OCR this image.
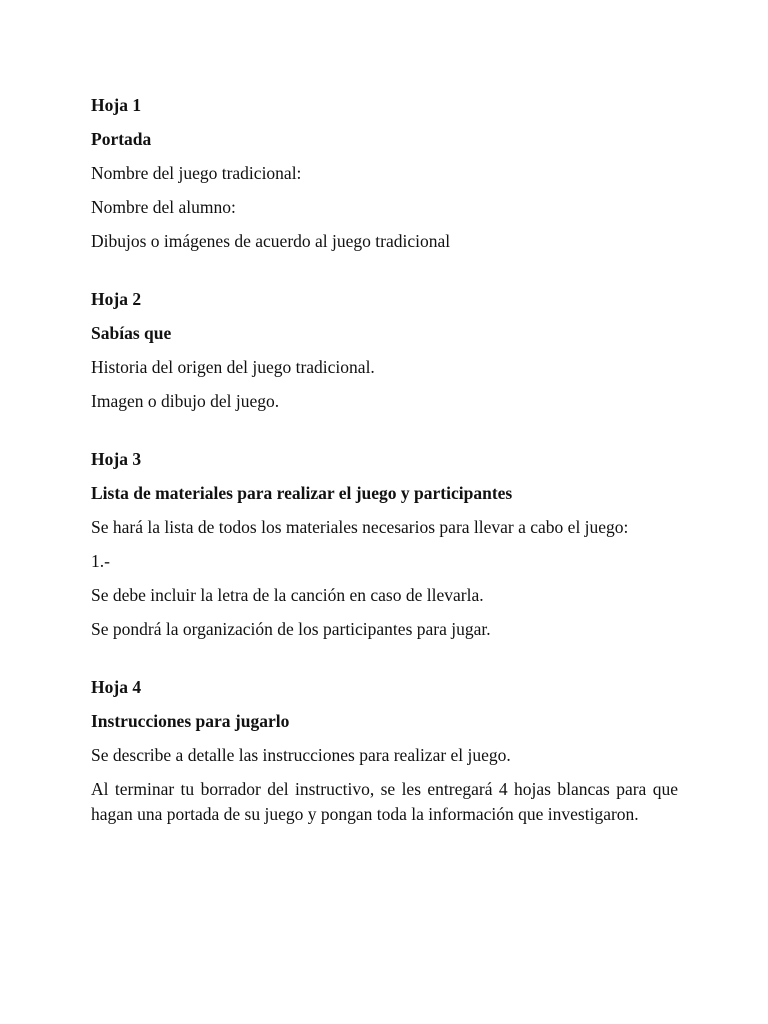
Hoja 1
Portada
Nombre del juego tradicional:
Nombre del alumno:
Dibujos o imágenes de acuerdo al juego tradicional
Hoja 2
Sabías que
Historia del origen del juego tradicional.
Imagen o dibujo del juego.
Hoja 3
Lista de materiales para realizar el juego y participantes
Se hará la lista de todos los materiales necesarios para llevar a cabo el juego:
1.-
Se debe incluir la letra de la canción en caso de llevarla.
Se pondrá la organización de los participantes para jugar.
Hoja 4
Instrucciones para jugarlo
Se describe a detalle las instrucciones para realizar el juego.
Al terminar tu borrador del instructivo, se les entregará 4 hojas blancas para que hagan una portada de su juego y pongan toda la información que investigaron.
